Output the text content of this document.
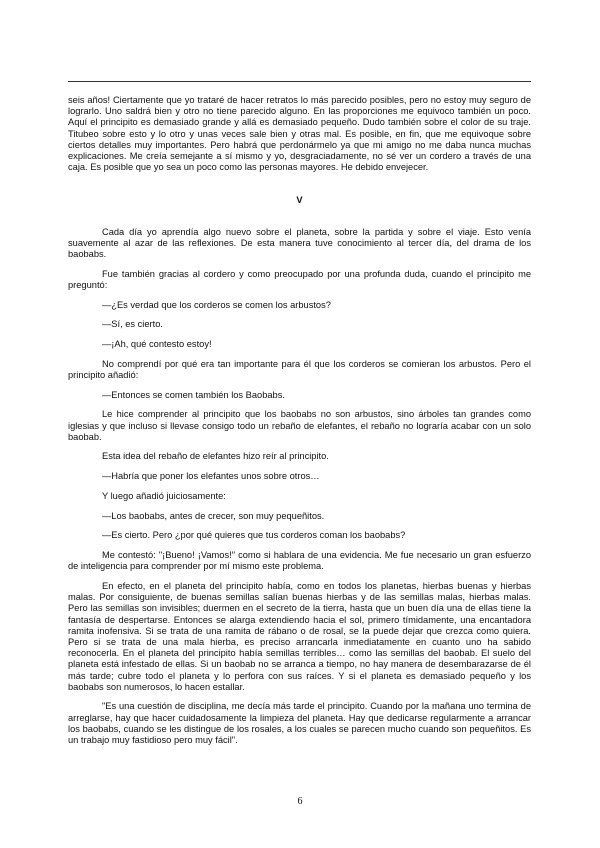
seis años! Ciertamente que yo trataré de hacer retratos lo más parecido posibles, pero no estoy muy seguro de lograrlo. Uno saldrá bien y otro no tiene parecido alguno. En las proporciones me equivoco también un poco. Aquí el principito es demasiado grande y allá es demasiado pequeño. Dudo también sobre el color de su traje. Titubeo sobre esto y lo otro y unas veces sale bien y otras mal. Es posible, en fin, que me equivoque sobre ciertos detalles muy importantes. Pero habrá que perdonármelo ya que mi amigo no me daba nunca muchas explicaciones. Me creía semejante a sí mismo y yo, desgraciadamente, no sé ver un cordero a través de una caja. Es posible que yo sea un poco como las personas mayores. He debido envejecer.

V

Cada día yo aprendía algo nuevo sobre el planeta, sobre la partida y sobre el viaje. Esto venía suavemente al azar de las reflexiones. De esta manera tuve conocimiento al tercer día, del drama de los baobabs.

Fue también gracias al cordero y como preocupado por una profunda duda, cuando el principito me preguntó:

—¿Es verdad que los corderos se comen los arbustos?

—Sí, es cierto.

—¡Ah, qué contesto estoy!

No comprendí por qué era tan importante para él que los corderos se comieran los arbustos. Pero el principito añadió:

—Entonces se comen también los Baobabs.

Le hice comprender al principito que los baobabs no son arbustos, sino árboles tan grandes como iglesias y que incluso si llevase consigo todo un rebaño de elefantes, el rebaño no lograría acabar con un solo baobab.

Esta idea del rebaño de elefantes hizo reír al principito.

—Habría que poner los elefantes unos sobre otros…

Y luego añadió juiciosamente:

—Los baobabs, antes de crecer, son muy pequeñitos.

—Es cierto. Pero ¿por qué quieres que tus corderos coman los baobabs?

Me contestó: "¡Bueno! ¡Vamos!" como si hablara de una evidencia. Me fue necesario un gran esfuerzo de inteligencia para comprender por mí mismo este problema.

En efecto, en el planeta del principito había, como en todos los planetas, hierbas buenas y hierbas malas. Por consiguiente, de buenas semillas salían buenas hierbas y de las semillas malas, hierbas malas. Pero las semillas son invisibles; duermen en el secreto de la tierra, hasta que un buen día una de ellas tiene la fantasía de despertarse. Entonces se alarga extendiendo hacia el sol, primero tímidamente, una encantadora ramita inofensiva. Si se trata de una ramita de rábano o de rosal, se la puede dejar que crezca como quiera. Pero si se trata de una mala hierba, es preciso arrancarla inmediatamente en cuanto uno ha sabido reconocerla. En el planeta del principito había semillas terribles… como las semillas del baobab. El suelo del planeta está infestado de ellas. Si un baobab no se arranca a tiempo, no hay manera de desembarazarse de él más tarde; cubre todo el planeta y lo perfora con sus raíces. Y si el planeta es demasiado pequeño y los baobabs son numerosos, lo hacen estallar.

"Es una cuestión de disciplina, me decía más tarde el principito. Cuando por la mañana uno termina de arreglarse, hay que hacer cuidadosamente la limpieza del planeta. Hay que dedicarse regularmente a arrancar los baobabs, cuando se les distingue de los rosales, a los cuales se parecen mucho cuando son pequeñitos. Es un trabajo muy fastidioso pero muy fácil".

6
